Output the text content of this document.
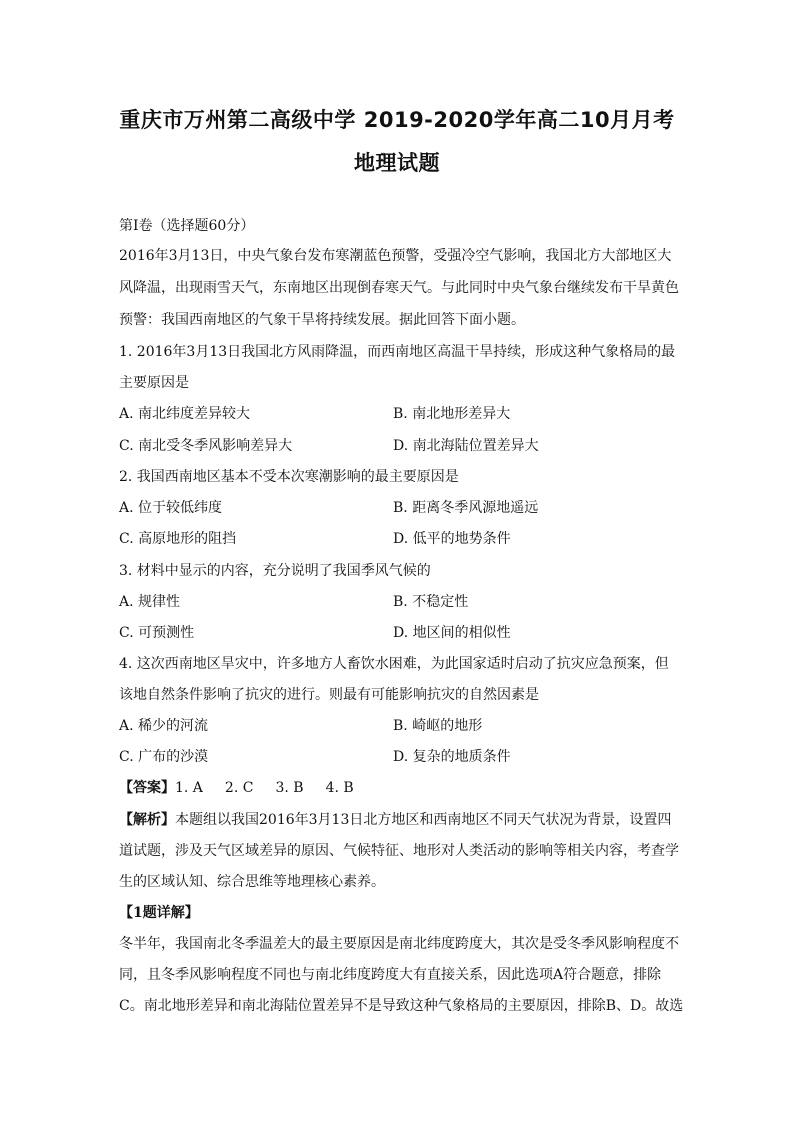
重庆市万州第二高级中学 2019-2020学年高二10月月考
地理试题
第Ⅰ卷（选择题60分）
2016年3月13日，中央气象台发布寒潮蓝色预警，受强冷空气影响，我国北方大部地区大
风降温，出现雨雪天气，东南地区出现倒春寒天气。与此同时中央气象台继续发布干旱黄色
预警：我国西南地区的气象干旱将持续发展。据此回答下面小题。
1. 2016年3月13日我国北方风雨降温，而西南地区高温干旱持续，形成这种气象格局的最
主要原因是
A. 南北纬度差异较大	B. 南北地形差异大
C. 南北受冬季风影响差异大	D. 南北海陆位置差异大
2. 我国西南地区基本不受本次寒潮影响的最主要原因是
A. 位于较低纬度	B. 距离冬季风源地遥远
C. 高原地形的阻挡	D. 低平的地势条件
3. 材料中显示的内容，充分说明了我国季风气候的
A. 规律性	B. 不稳定性
C. 可预测性	D. 地区间的相似性
4. 这次西南地区旱灾中，许多地方人畜饮水困难，为此国家适时启动了抗灾应急预案，但
该地自然条件影响了抗灾的进行。则最有可能影响抗灾的自然因素是
A. 稀少的河流	B. 崎岖的地形
C. 广布的沙漠	D. 复杂的地质条件
【答案】1. A 2. C 3. B 4. B
【解析】本题组以我国2016年3月13日北方地区和西南地区不同天气状况为背景，设置四
道试题，涉及天气区域差异的原因、气候特征、地形对人类活动的影响等相关内容，考查学
生的区域认知、综合思维等地理核心素养。
【1题详解】
冬半年，我国南北冬季温差大的最主要原因是南北纬度跨度大，其次是受冬季风影响程度不
同，且冬季风影响程度不同也与南北纬度跨度大有直接关系，因此选项A符合题意，排除
C。南北地形差异和南北海陆位置差异不是导致这种气象格局的主要原因，排除B、D。故选
